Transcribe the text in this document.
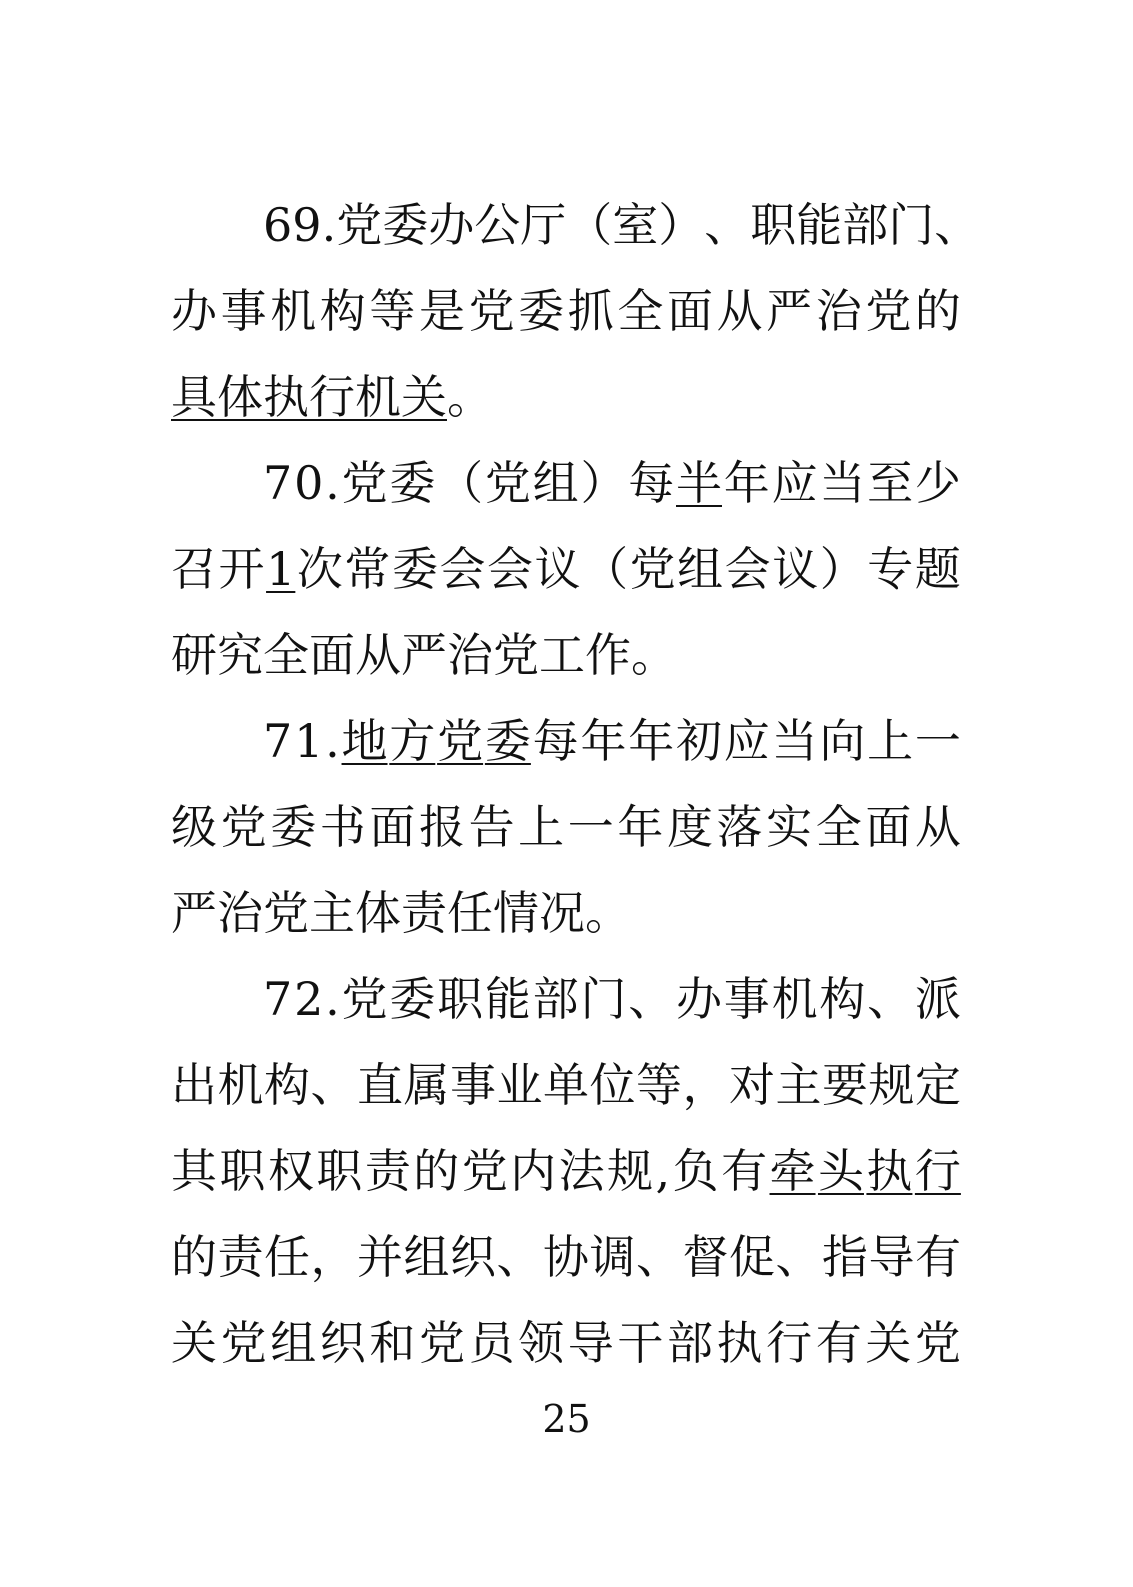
6 9 . 党 委 办 公 厅 （ 室 ） 、 职 能 部 门 、
办 事 机 构 等 是 党 委 抓 全 面 从 严 治 党 的
具体执行机关。
7 0 . 党 委 （ 党 组 ） 每 半 年 应 当 至 少
召 开 1 次 常 委 会 会 议 （ 党 组 会 议 ） 专 题
研究全面从严治党工作。
7 1 . 地 方 党 委 每 年 年 初 应 当 向 上 一
级 党 委 书 面 报 告 上 一 年 度 落 实 全 面 从
严治党主体责任情况。
7 2 . 党 委 职 能 部 门 、 办 事 机 构 、 派
出 机 构 、 直 属 事 业 单 位 等 ， 对 主 要 规 定
其 职 权 职 责 的 党 内 法 规 , 负 有 牵 头 执 行
的 责 任 ， 并 组 织 、 协 调 、 督 促 、 指 导 有
关 党 组 织 和 党 员 领 导 干 部 执 行 有 关 党
25
